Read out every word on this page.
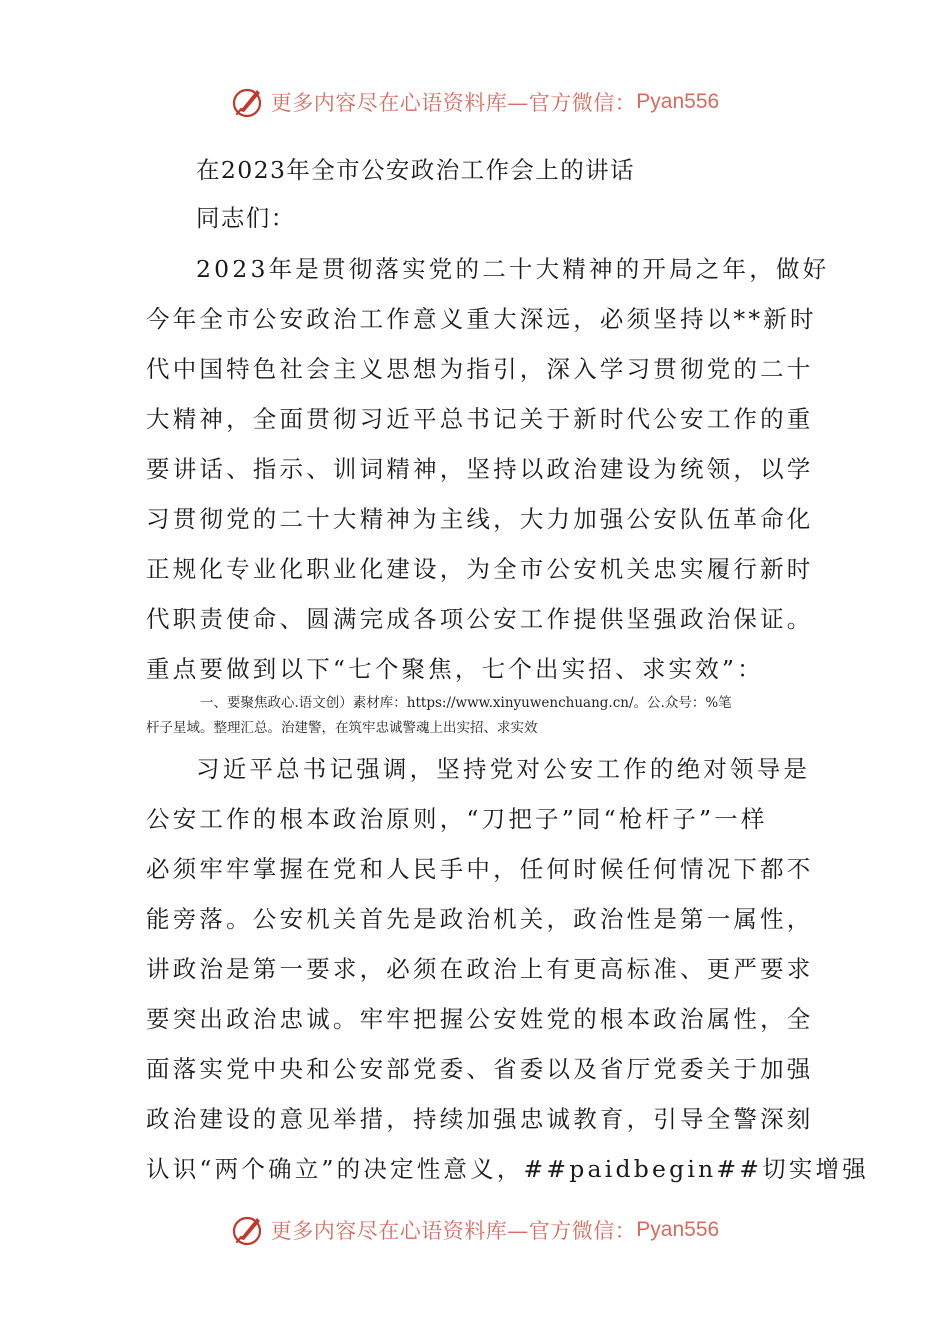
更多内容尽在心语资料库—官方微信： Pyan556
在2023年全市公安政治工作会上的讲话
同志们：
2023年是贯彻落实党的二十大精神的开局之年，做好
今年全市公安政治工作意义重大深远，必须坚持以**新时
代中国特色社会主义思想为指引，深入学习贯彻党的二十
大精神，全面贯彻习近平总书记关于新时代公安工作的重
要讲话、指示、训词精神，坚持以政治建设为统领，以学
习贯彻党的二十大精神为主线，大力加强公安队伍革命化
正规化专业化职业化建设，为全市公安机关忠实履行新时
代职责使命、圆满完成各项公安工作提供坚强政治保证。
重点要做到以下“七个聚焦，七个出实招、求实效”：
一、要聚焦政心.语文创）素材库：https://www.xinyuwenchuang.cn/。公.众号：%笔
杆子星域。整理汇总。治建警，在筑牢忠诚警魂上出实招、求实效
习近平总书记强调，坚持党对公安工作的绝对领导是
公安工作的根本政治原则，“刀把子”同“枪杆子”一样
必须牢牢掌握在党和人民手中，任何时候任何情况下都不
能旁落。公安机关首先是政治机关，政治性是第一属性，
讲政治是第一要求，必须在政治上有更高标准、更严要求
要突出政治忠诚。牢牢把握公安姓党的根本政治属性，全
面落实党中央和公安部党委、省委以及省厅党委关于加强
政治建设的意见举措，持续加强忠诚教育，引导全警深刻
认识“两个确立”的决定性意义，##paidbegin##切实增强
更多内容尽在心语资料库—官方微信： Pyan556
